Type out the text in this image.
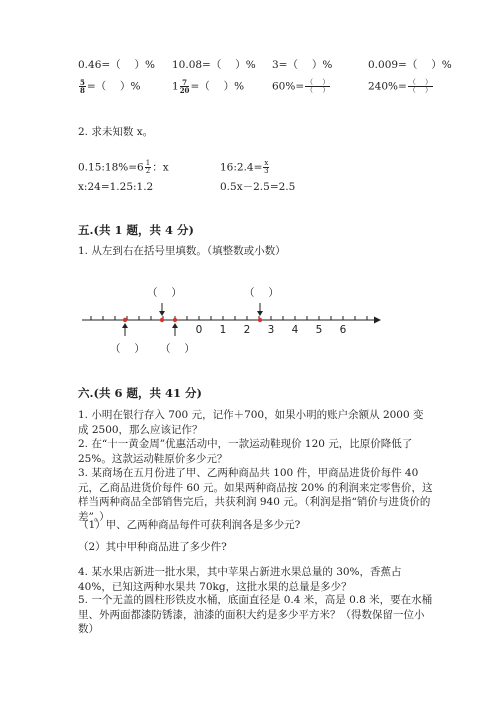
0.46=（　 ）% 10.08=（　 ）% 3=（　 ）%	0.009=（　 ）%
$\frac{5}{8}$ =（　 ）%	$1 \frac{7}{20}$ =（　 ）%	$60\%= \frac{( )}{( )}$	$240\%= \frac{( )}{( )}$
2. 求未知数 x。
0.15:18%=6 $\frac{1}{2}$ ：x	16:2.4= $\frac{x}{3}$
x:24=1.25:1.2	0.5x－2.5=2.5
五.(共 1 题，共 4 分)
1. 从左到右在括号里填数。（填整数或小数）
0 1 2 3 4 5 6
（　 ）	（　 ）
（　 ） （　 ）
六.(共 6 题，共 41 分)
1. 小明在银行存入 700 元，记作＋700，如果小明的账户余额从 2000 变成 2500，那么应该记作？
2. 在“十一黄金周”优惠活动中，一款运动鞋现价 120 元，比原价降低了 25%。这款运动鞋原价多少元？
3. 某商场在五月份进了甲、乙两种商品共 100 件，甲商品进货价每件 40 元，乙商品进货价每件 60 元。如果两种商品按 20% 的利润来定零售价，这样当两种商品全部销售完后，共获利润 940 元。（利润是指“销价与进货价的差”。）
（1）甲、乙两种商品每件可获利润各是多少元?
（2）其中甲种商品进了多少件?
4. 某水果店新进一批水果，其中苹果占新进水果总量的 30%，香蕉占 40%，已知这两种水果共 70kg，这批水果的总量是多少？
5. 一个无盖的圆柱形铁皮水桶，底面直径是 0.4 米，高是 0.8 米，要在水桶里、外两面都漆防锈漆，油漆的面积大约是多少平方米？（得数保留一位小数）
